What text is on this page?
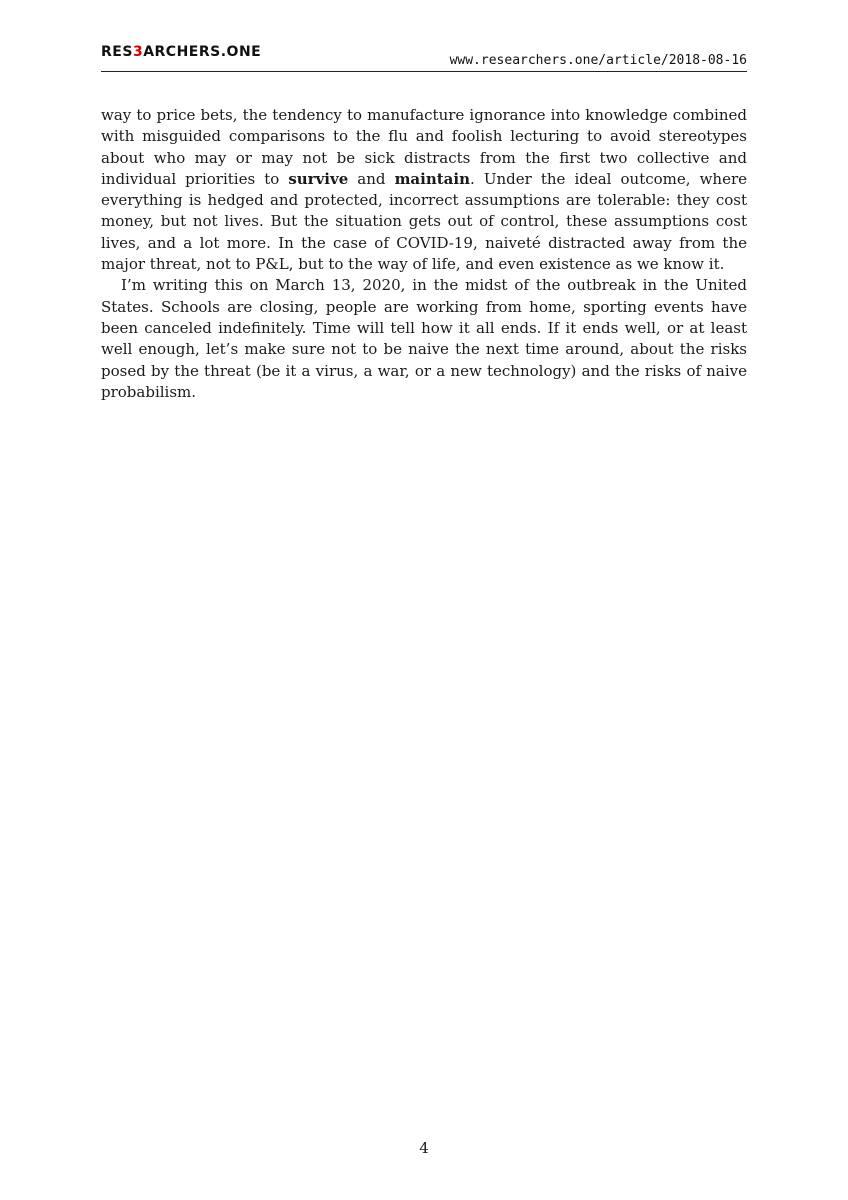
RES3ARCHERS.ONE
www.researchers.one/article/2018-08-16

way to price bets, the tendency to manufacture ignorance into knowledge combined with misguided comparisons to the flu and foolish lecturing to avoid stereotypes about who may or may not be sick distracts from the first two collective and individual priorities to survive and maintain. Under the ideal outcome, where everything is hedged and protected, incorrect assumptions are tolerable: they cost money, but not lives. But the situation gets out of control, these assumptions cost lives, and a lot more. In the case of COVID-19, naiveté distracted away from the major threat, not to P&L, but to the way of life, and even existence as we know it.

I’m writing this on March 13, 2020, in the midst of the outbreak in the United States. Schools are closing, people are working from home, sporting events have been canceled indefinitely. Time will tell how it all ends. If it ends well, or at least well enough, let’s make sure not to be naive the next time around, about the risks posed by the threat (be it a virus, a war, or a new technology) and the risks of naive probabilism.

4
